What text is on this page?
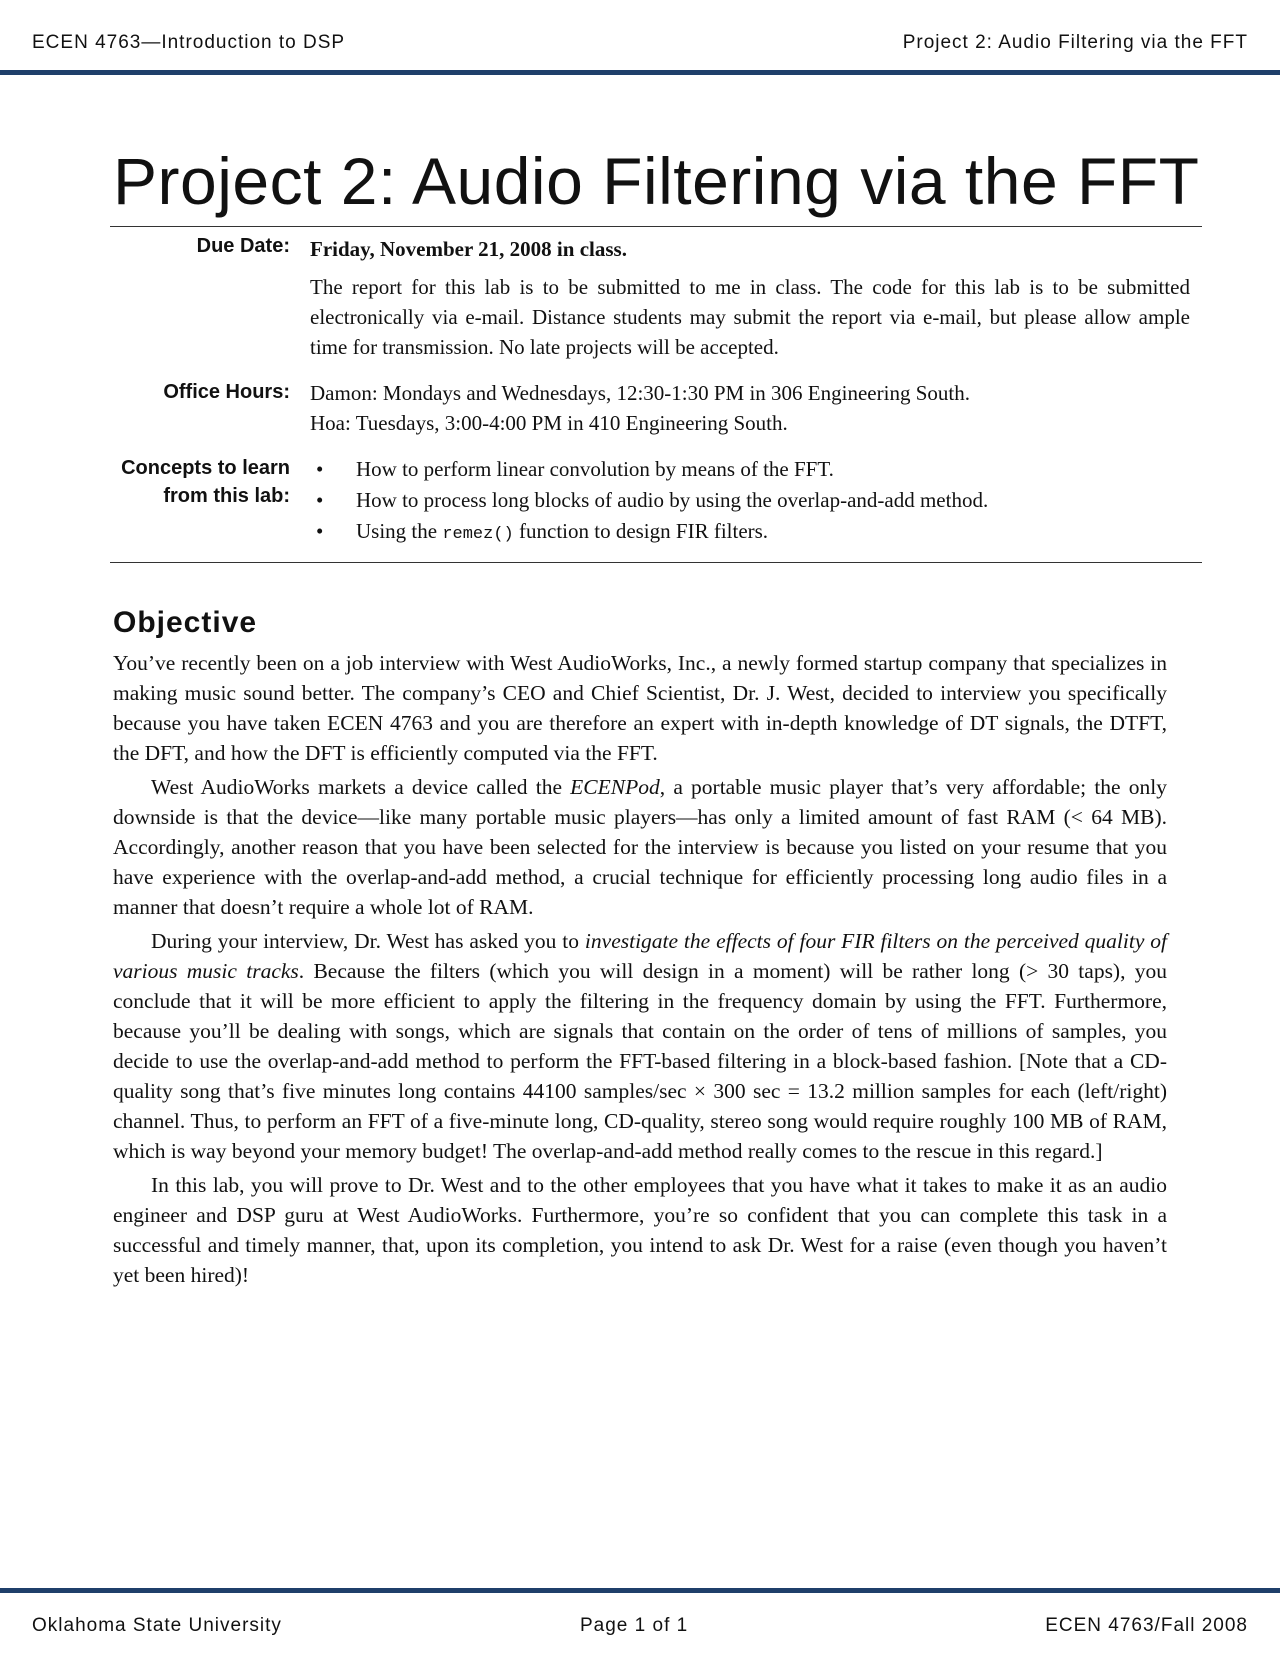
ECEN 4763—Introduction to DSP	Project 2: Audio Filtering via the FFT
Project 2: Audio Filtering via the FFT
Due Date: Friday, November 21, 2008 in class.

The report for this lab is to be submitted to me in class. The code for this lab is to be submitted electronically via e-mail. Distance students may submit the report via e-mail, but please allow ample time for transmission. No late projects will be accepted.

Office Hours: Damon: Mondays and Wednesdays, 12:30-1:30 PM in 306 Engineering South.

Hoa: Tuesdays, 3:00-4:00 PM in 410 Engineering South.

Concepts to learn from this lab:
• How to perform linear convolution by means of the FFT.
• How to process long blocks of audio by using the overlap-and-add method.
• Using the remez() function to design FIR filters.
Objective

You’ve recently been on a job interview with West AudioWorks, Inc., a newly formed startup company that specializes in making music sound better. The company’s CEO and Chief Scientist, Dr. J. West, decided to interview you specifically because you have taken ECEN 4763 and you are therefore an expert with in-depth knowledge of DT signals, the DTFT, the DFT, and how the DFT is efficiently computed via the FFT.

West AudioWorks markets a device called the ECENPod, a portable music player that’s very affordable; the only downside is that the device—like many portable music players—has only a limited amount of fast RAM (< 64 MB). Accordingly, another reason that you have been selected for the interview is because you listed on your resume that you have experience with the overlap-and-add method, a crucial technique for efficiently processing long audio files in a manner that doesn’t require a whole lot of RAM.

During your interview, Dr. West has asked you to investigate the effects of four FIR filters on the perceived quality of various music tracks. Because the filters (which you will design in a moment) will be rather long (> 30 taps), you conclude that it will be more efficient to apply the filtering in the frequency domain by using the FFT. Furthermore, because you’ll be dealing with songs, which are signals that contain on the order of tens of millions of samples, you decide to use the overlap-and-add method to perform the FFT-based filtering in a block-based fashion. [Note that a CD-quality song that’s five minutes long contains 44100 samples/sec × 300 sec = 13.2 million samples for each (left/right) channel. Thus, to perform an FFT of a five-minute long, CD-quality, stereo song would require roughly 100 MB of RAM, which is way beyond your memory budget! The overlap-and-add method really comes to the rescue in this regard.]

In this lab, you will prove to Dr. West and to the other employees that you have what it takes to make it as an audio engineer and DSP guru at West AudioWorks. Furthermore, you’re so confident that you can complete this task in a successful and timely manner, that, upon its completion, you intend to ask Dr. West for a raise (even though you haven’t yet been hired)!

Oklahoma State University	Page 1 of 1	ECEN 4763/Fall 2008
